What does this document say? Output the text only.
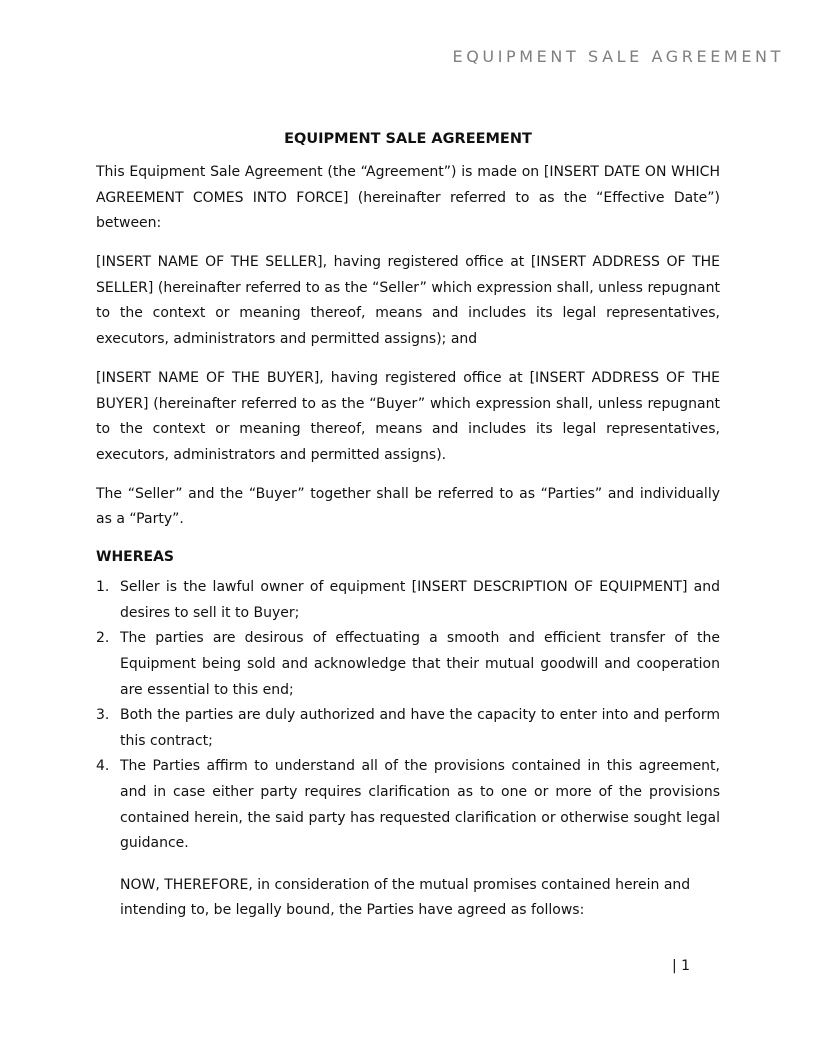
EQUIPMENT SALE AGREEMENT
EQUIPMENT SALE AGREEMENT

This Equipment Sale Agreement (the “Agreement”) is made on [INSERT DATE ON WHICH AGREEMENT COMES INTO FORCE] (hereinafter referred to as the “Effective Date”) between:

[INSERT NAME OF THE SELLER], having registered office at [INSERT ADDRESS OF THE SELLER] (hereinafter referred to as the “Seller” which expression shall, unless repugnant to the context or meaning thereof, means and includes its legal representatives, executors, administrators and permitted assigns); and

[INSERT NAME OF THE BUYER], having registered office at [INSERT ADDRESS OF THE BUYER] (hereinafter referred to as the “Buyer” which expression shall, unless repugnant to the context or meaning thereof, means and includes its legal representatives, executors, administrators and permitted assigns).

The “Seller” and the “Buyer” together shall be referred to as “Parties” and individually as a “Party”.

WHEREAS
1. Seller is the lawful owner of equipment [INSERT DESCRIPTION OF EQUIPMENT] and desires to sell it to Buyer;
2. The parties are desirous of effectuating a smooth and efficient transfer of the Equipment being sold and acknowledge that their mutual goodwill and cooperation are essential to this end;
3. Both the parties are duly authorized and have the capacity to enter into and perform this contract;
4. The Parties affirm to understand all of the provisions contained in this agreement, and in case either party requires clarification as to one or more of the provisions contained herein, the said party has requested clarification or otherwise sought legal guidance.

NOW, THEREFORE, in consideration of the mutual promises contained herein and intending to, be legally bound, the Parties have agreed as follows:

| 1
